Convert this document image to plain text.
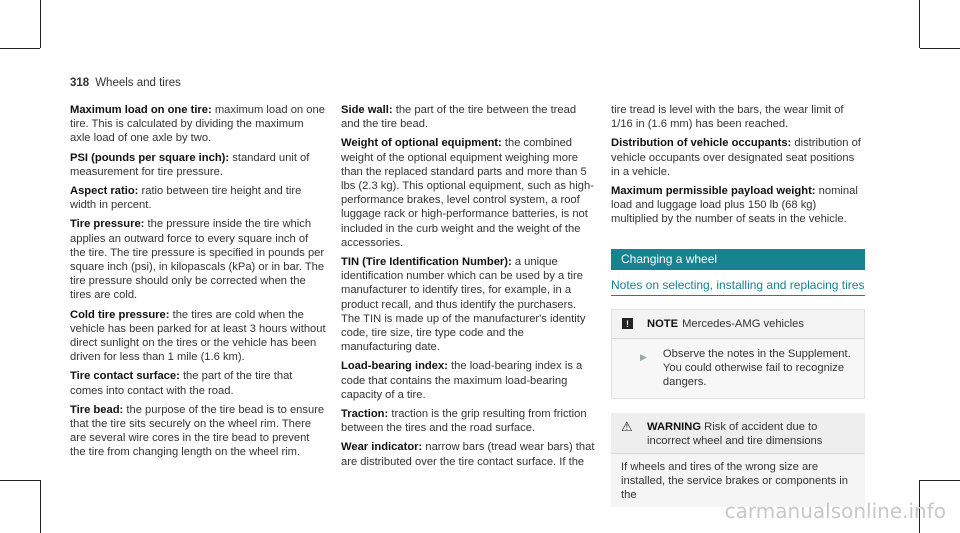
318 Wheels and tires

Maximum load on one tire: maximum load on one tire. This is calculated by dividing the maximum axle load of one axle by two.

PSI (pounds per square inch): standard unit of measurement for tire pressure.

Aspect ratio: ratio between tire height and tire width in percent.

Tire pressure: the pressure inside the tire which applies an outward force to every square inch of the tire. The tire pressure is specified in pounds per square inch (psi), in kilopascals (kPa) or in bar. The tire pressure should only be corrected when the tires are cold.

Cold tire pressure: the tires are cold when the vehicle has been parked for at least 3 hours without direct sunlight on the tires or the vehicle has been driven for less than 1 mile (1.6 km).

Tire contact surface: the part of the tire that comes into contact with the road.

Tire bead: the purpose of the tire bead is to ensure that the tire sits securely on the wheel rim. There are several wire cores in the tire bead to prevent the tire from changing length on the wheel rim.

Side wall: the part of the tire between the tread and the tire bead.

Weight of optional equipment: the combined weight of the optional equipment weighing more than the replaced standard parts and more than 5 lbs (2.3 kg). This optional equipment, such as high-performance brakes, level control system, a roof luggage rack or high-performance batteries, is not included in the curb weight and the weight of the accessories.

TIN (Tire Identification Number): a unique identification number which can be used by a tire manufacturer to identify tires, for example, in a product recall, and thus identify the purchasers. The TIN is made up of the manufacturer's identity code, tire size, tire type code and the manufacturing date.

Load-bearing index: the load-bearing index is a code that contains the maximum load-bearing capacity of a tire.

Traction: traction is the grip resulting from friction between the tires and the road surface.

Wear indicator: narrow bars (tread wear bars) that are distributed over the tire contact surface. If the

tire tread is level with the bars, the wear limit of 1/16 in (1.6 mm) has been reached.

Distribution of vehicle occupants: distribution of vehicle occupants over designated seat positions in a vehicle.

Maximum permissible payload weight: nominal load and luggage load plus 150 lb (68 kg) multiplied by the number of seats in the vehicle.

Changing a wheel
Notes on selecting, installing and replacing tires
!	NOTE Mercedes-AMG vehicles
▶ Observe the notes in the Supplement. You could otherwise fail to recognize dangers.
⚠	WARNING Risk of accident due to incorrect wheel and tire dimensions
If wheels and tires of the wrong size are installed, the service brakes or components in the
carmanualsonline.info
